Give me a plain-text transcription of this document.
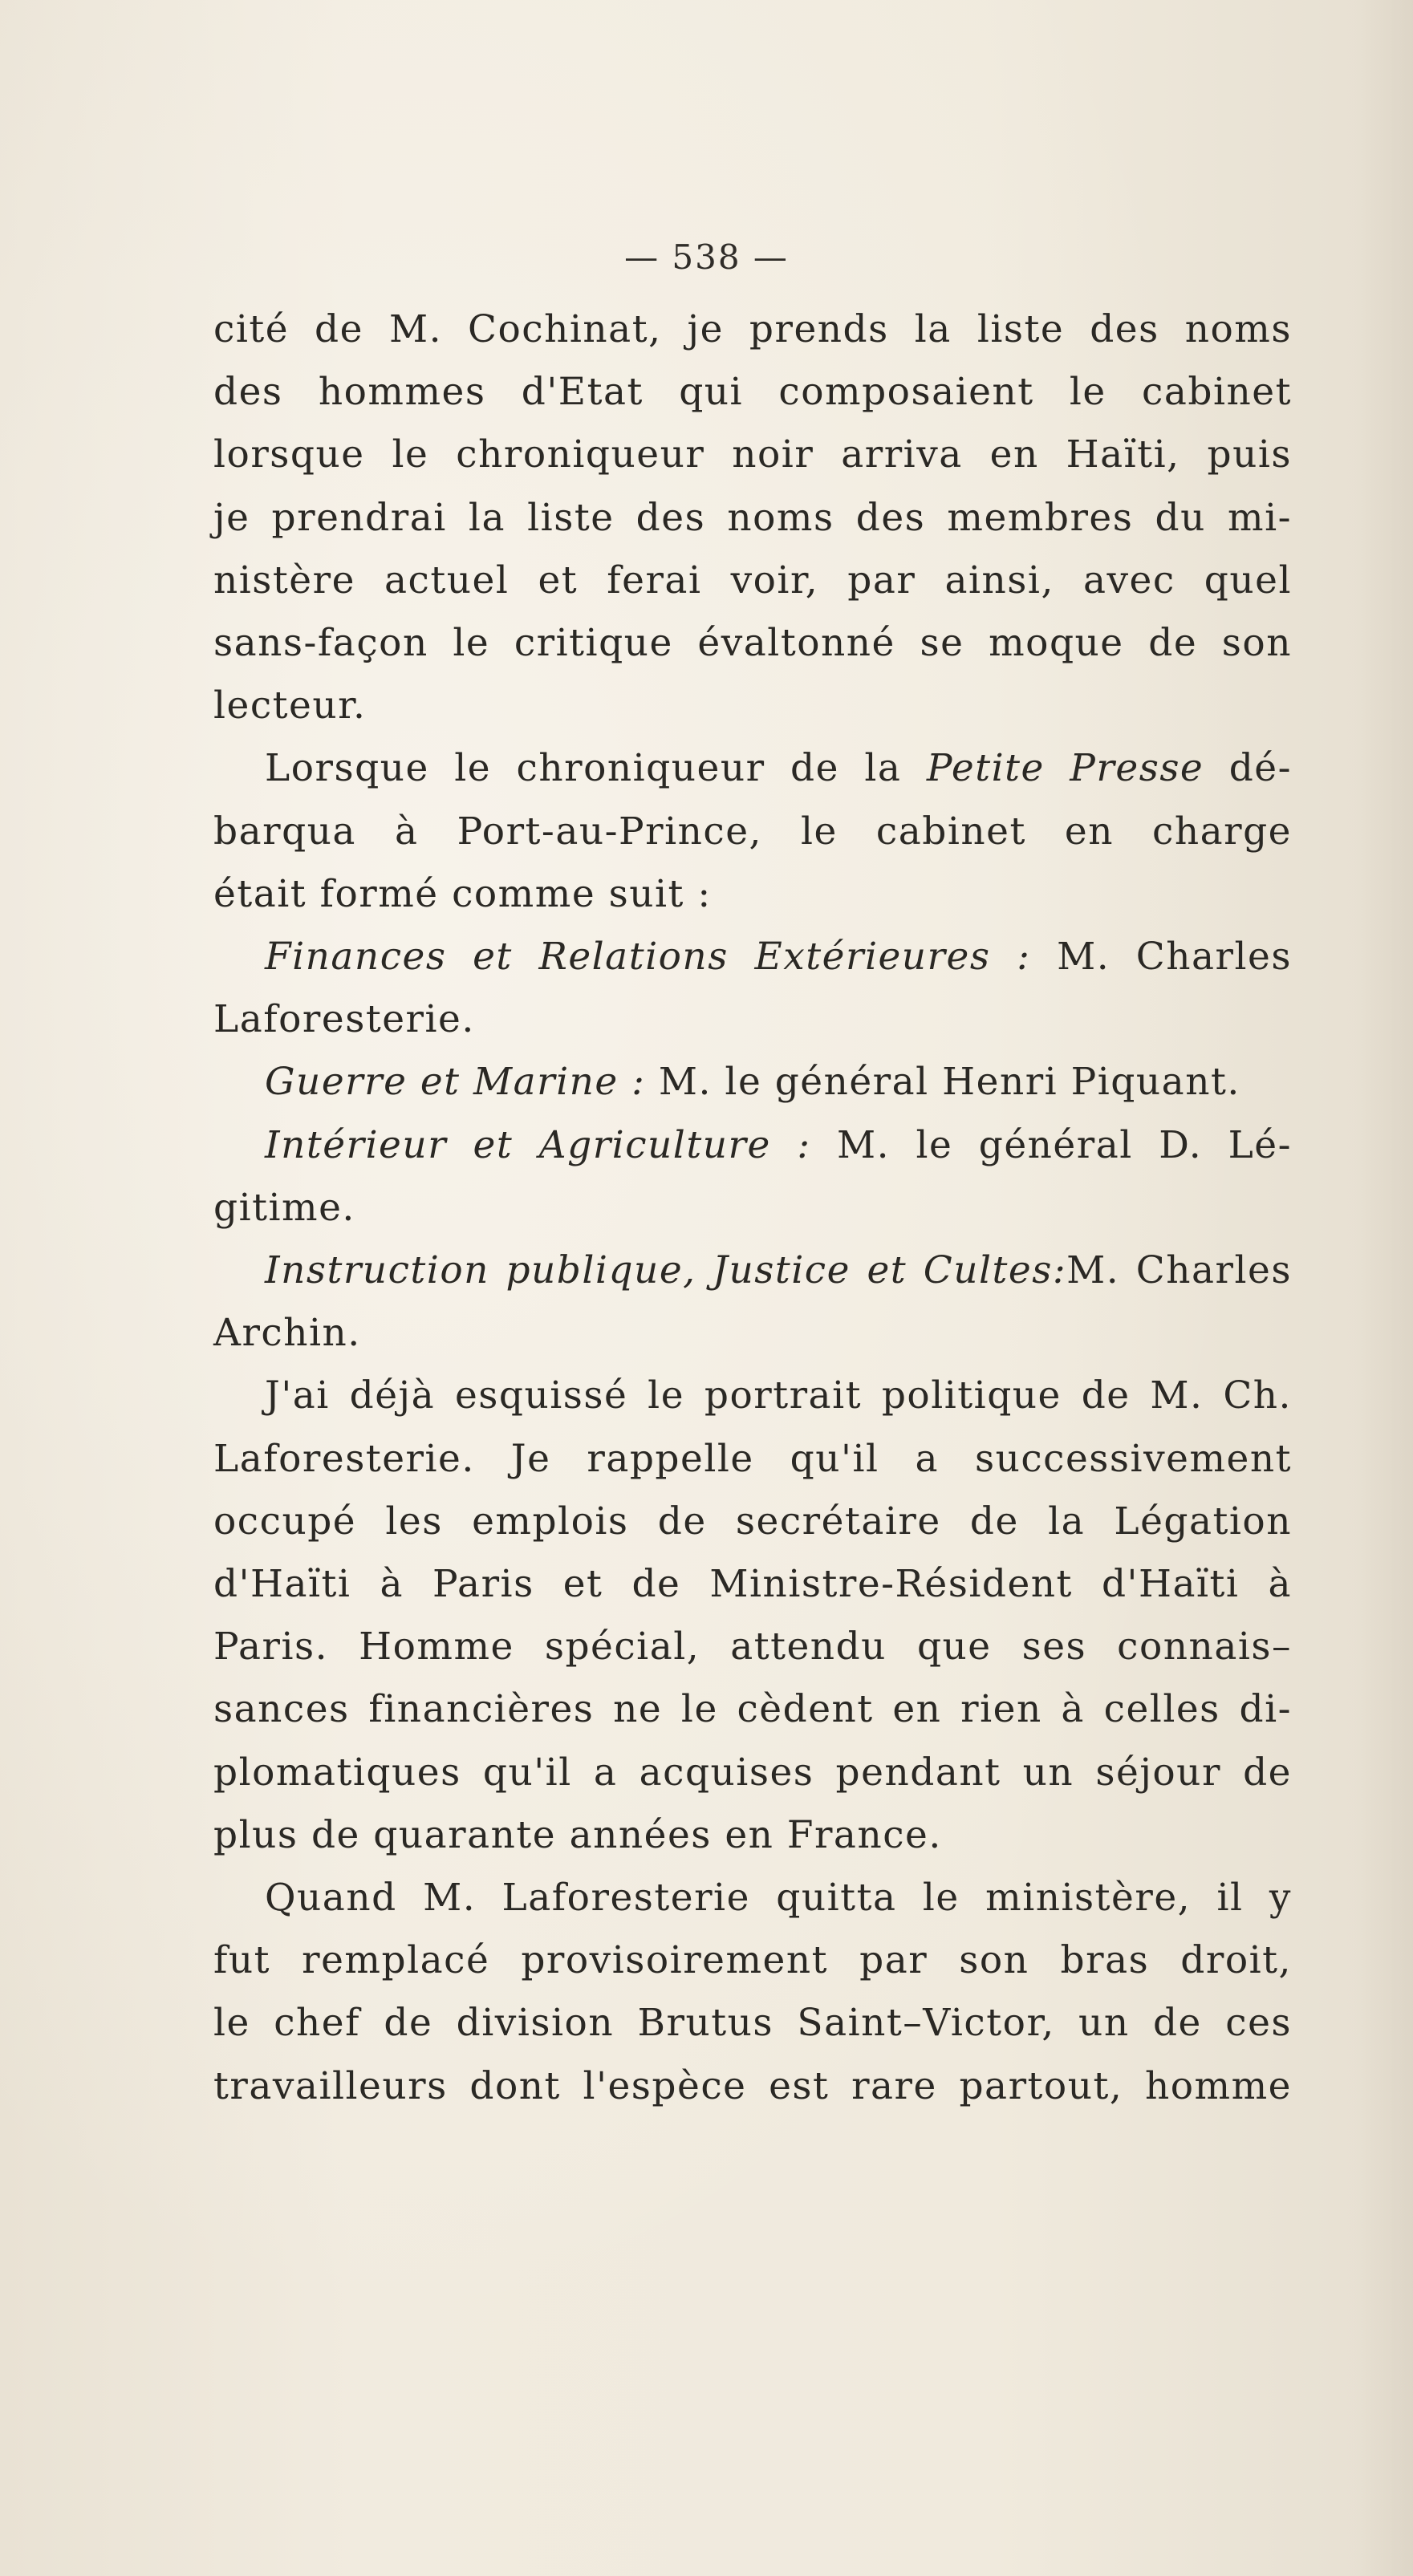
— 538 —
cité de M. Cochinat, je prends la liste des noms
des hommes d'Etat qui composaient le cabinet
lorsque le chroniqueur noir arriva en Haïti, puis
je prendrai la liste des noms des membres du mi-
nistère actuel et ferai voir, par ainsi, avec quel
sans-façon le critique évaltonné se moque de son
lecteur.
Lorsque le chroniqueur de la Petite Presse dé-
barqua à Port-au-Prince, le cabinet en charge
était formé comme suit :
Finances et Relations Extérieures : M. Charles
Laforesterie.
Guerre et Marine : M. le général Henri Piquant.
Intérieur et Agriculture : M. le général D. Lé-
gitime.
Instruction publique, Justice et Cultes:M. Charles
Archin.
J'ai déjà esquissé le portrait politique de M. Ch.
Laforesterie. Je rappelle qu'il a successivement
occupé les emplois de secrétaire de la Légation
d'Haïti à Paris et de Ministre-Résident d'Haïti à
Paris. Homme spécial, attendu que ses connais–
sances financières ne le cèdent en rien à celles di-
plomatiques qu'il a acquises pendant un séjour de
plus de quarante années en France.
Quand M. Laforesterie quitta le ministère, il y
fut remplacé provisoirement par son bras droit,
le chef de division Brutus Saint–Victor, un de ces
travailleurs dont l'espèce est rare partout, homme
